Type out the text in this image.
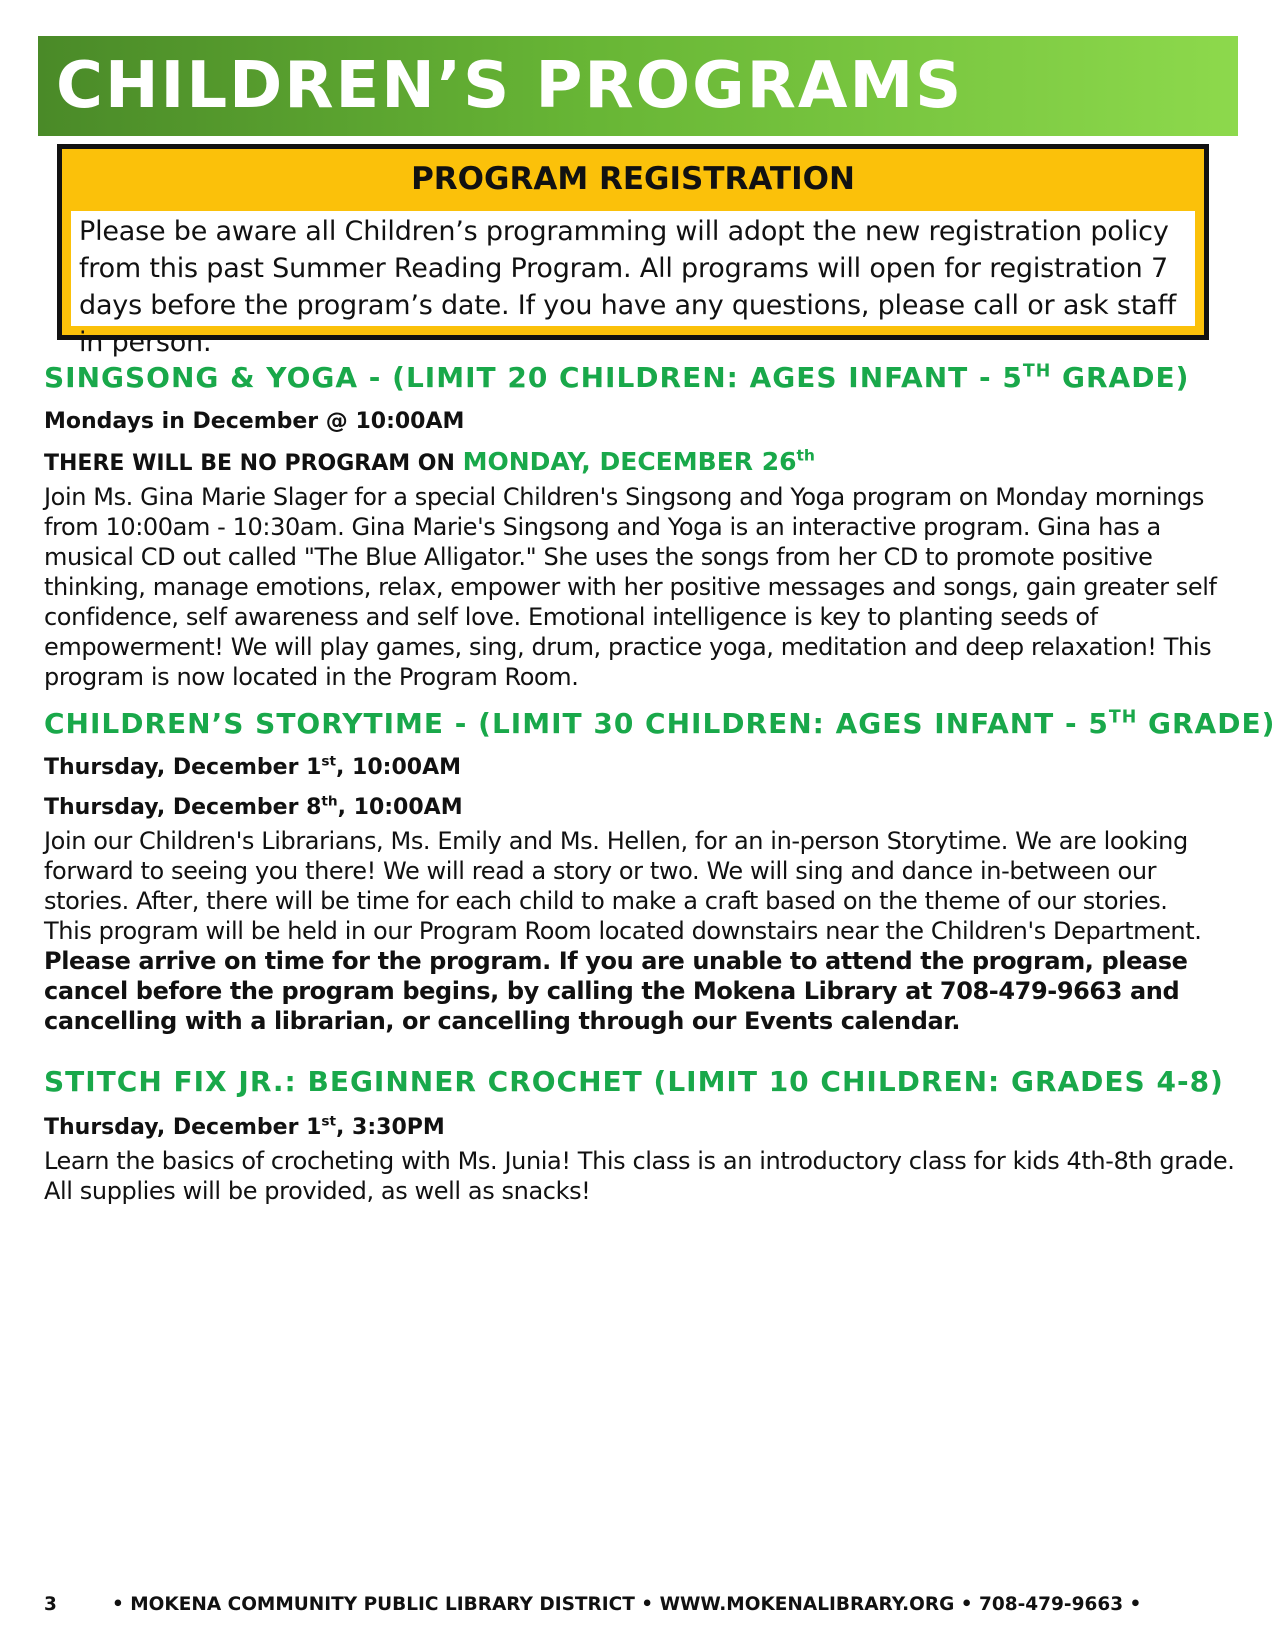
CHILDREN’S PROGRAMS
PROGRAM REGISTRATION

Please be aware all Children’s programming will adopt the new registration policy from this past Summer Reading Program. All programs will open for registration 7 days before the program’s date. If you have any questions, please call or ask staff in person.

SINGSONG & YOGA - (LIMIT 20 CHILDREN: AGES INFANT - 5TH GRADE)

Mondays in December @ 10:00AM

THERE WILL BE NO PROGRAM ON MONDAY, DECEMBER 26th

Join Ms. Gina Marie Slager for a special Children's Singsong and Yoga program on Monday mornings from 10:00am - 10:30am. Gina Marie's Singsong and Yoga is an interactive program. Gina has a musical CD out called "The Blue Alligator." She uses the songs from her CD to promote positive thinking, manage emotions, relax, empower with her positive messages and songs, gain greater self confidence, self awareness and self love. Emotional intelligence is key to planting seeds of empowerment! We will play games, sing, drum, practice yoga, meditation and deep relaxation! This program is now located in the Program Room.

CHILDREN’S STORYTIME - (LIMIT 30 CHILDREN: AGES INFANT - 5TH GRADE)

Thursday, December 1st, 10:00AM

Thursday, December 8th, 10:00AM

Join our Children's Librarians, Ms. Emily and Ms. Hellen, for an in-person Storytime. We are looking forward to seeing you there! We will read a story or two. We will sing and dance in-between our stories. After, there will be time for each child to make a craft based on the theme of our stories.

This program will be held in our Program Room located downstairs near the Children's Department. Please arrive on time for the program. If you are unable to attend the program, please cancel before the program begins, by calling the Mokena Library at 708-479-9663 and cancelling with a librarian, or cancelling through our Events calendar.

STITCH FIX JR.: BEGINNER CROCHET (LIMIT 10 CHILDREN: GRADES 4-8)

Thursday, December 1st, 3:30PM

Learn the basics of crocheting with Ms. Junia! This class is an introductory class for kids 4th-8th grade. All supplies will be provided, as well as snacks!

3	• MOKENA COMMUNITY PUBLIC LIBRARY DISTRICT • WWW.MOKENALIBRARY.ORG • 708-479-9663 •
